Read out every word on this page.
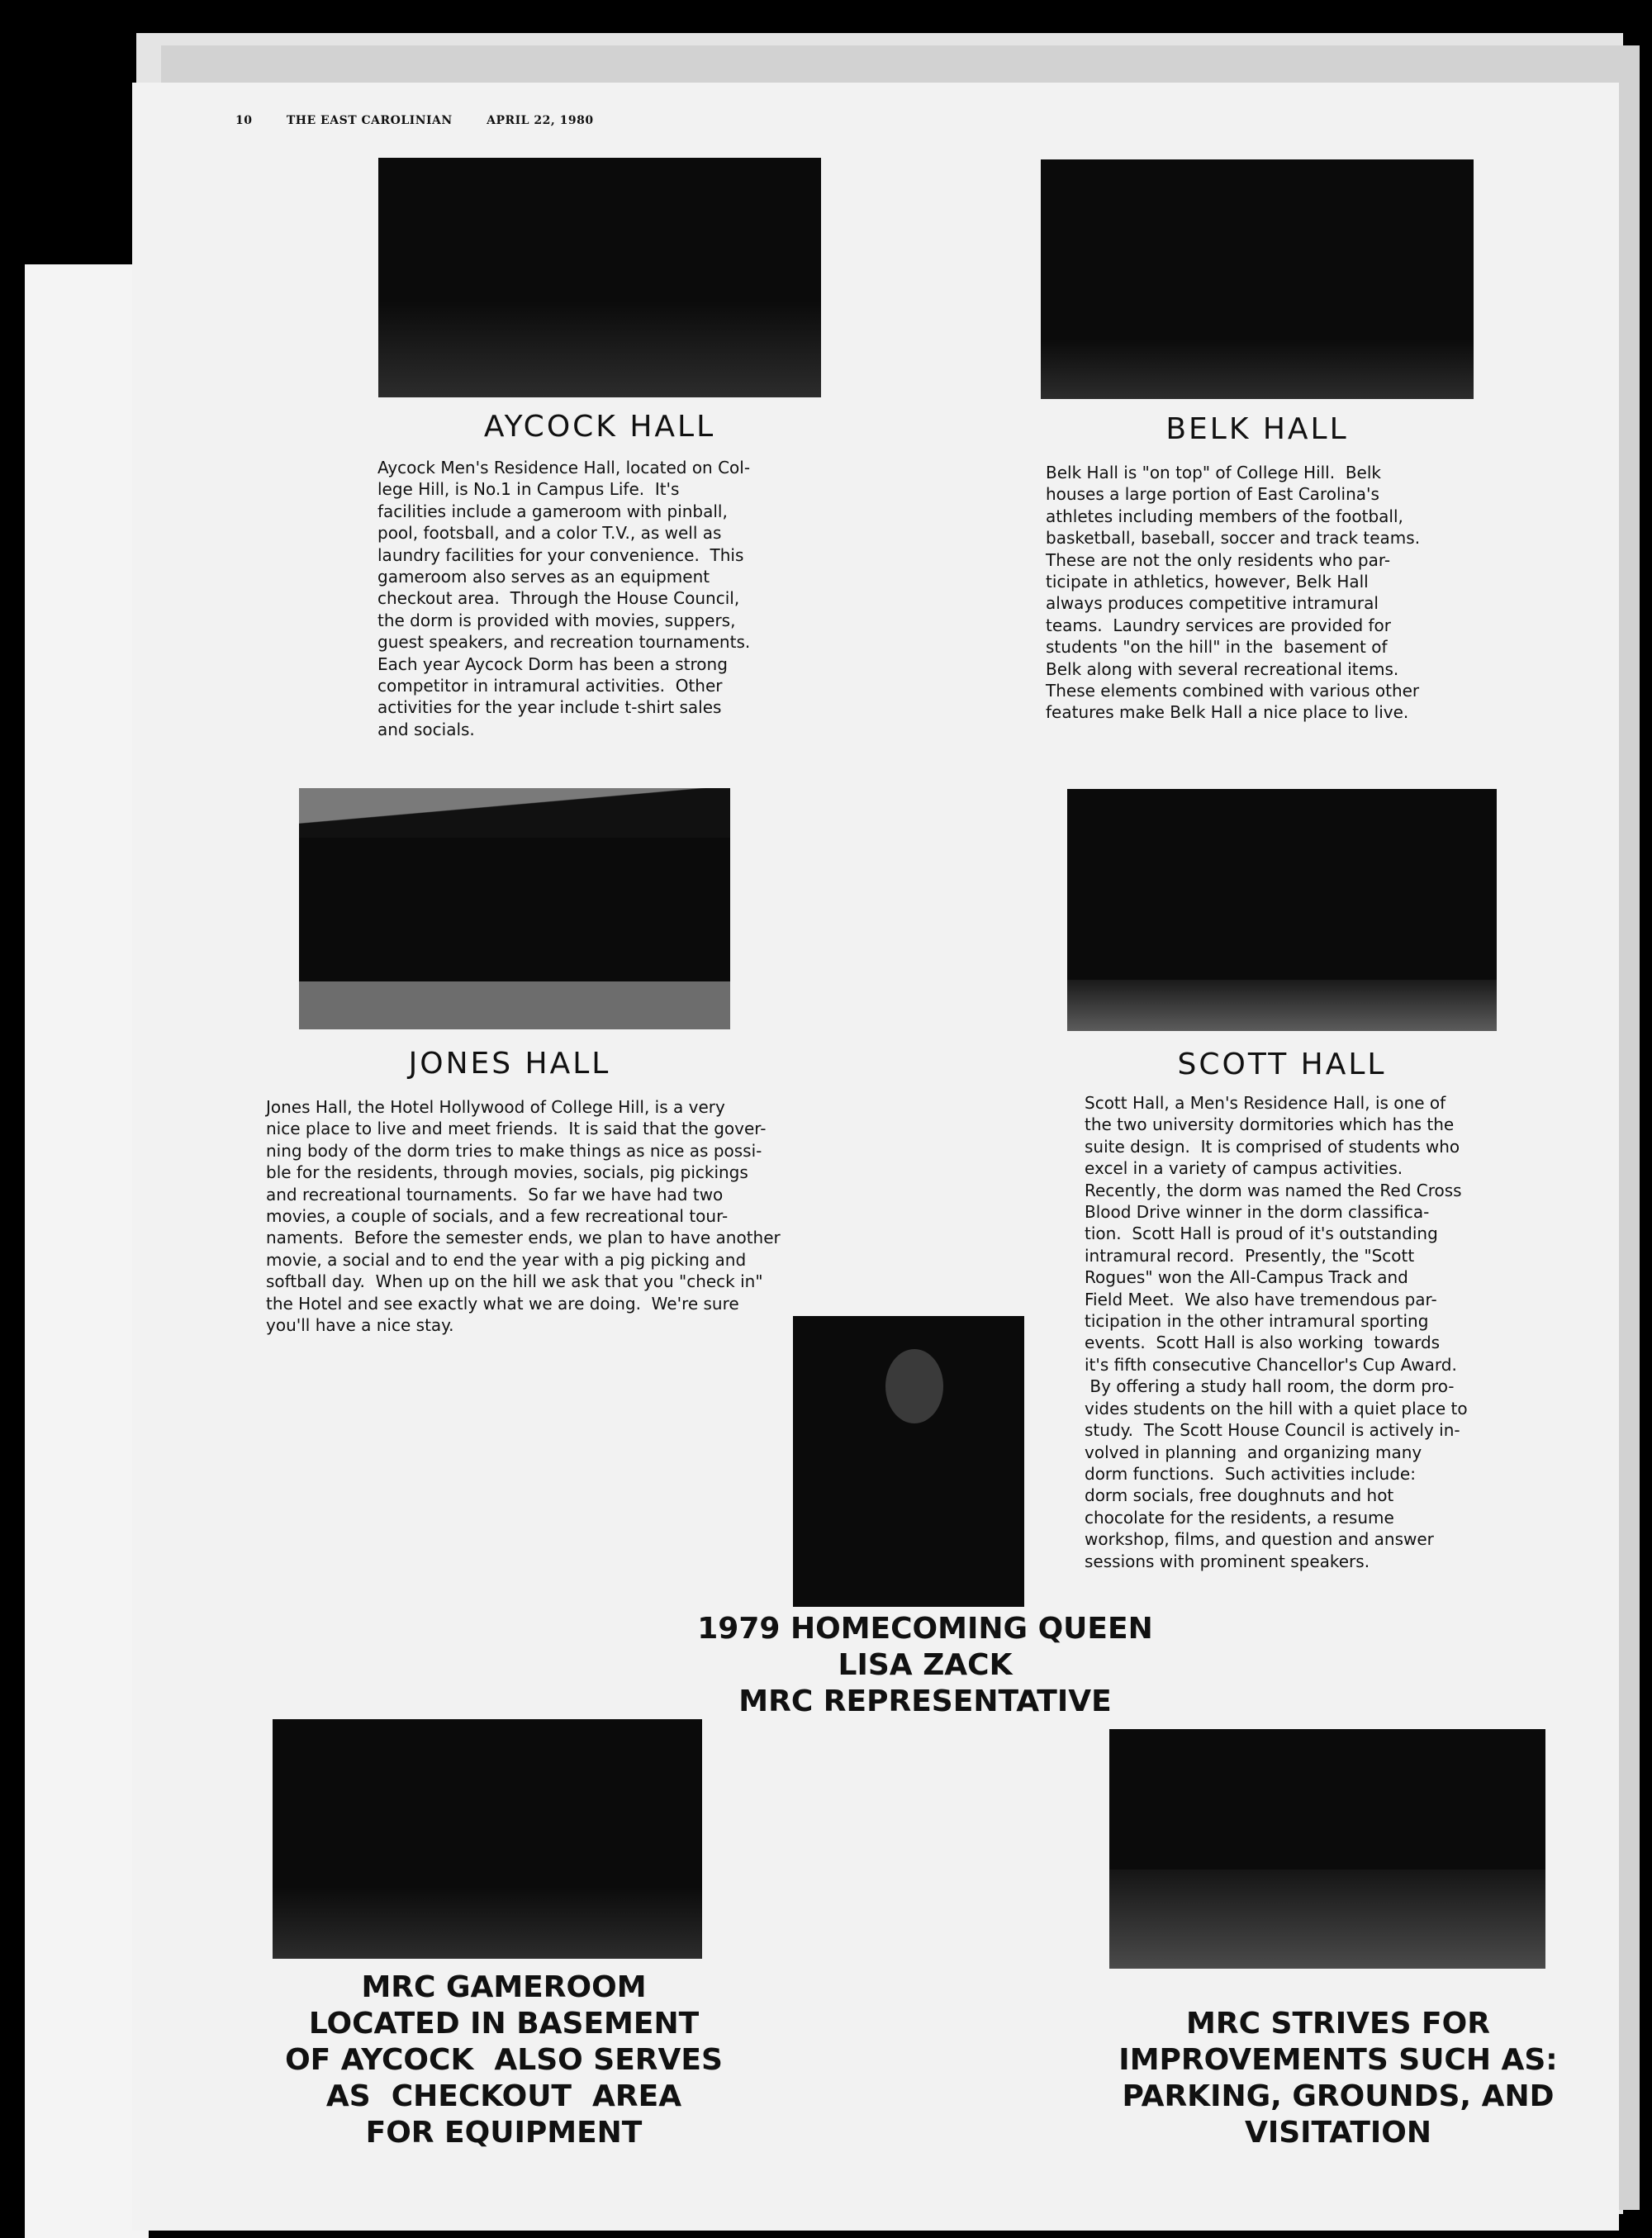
10	THE EAST CAROLINIAN	APRIL 22, 1980
AYCOCK HALL
Aycock Men's Residence Hall, located on Col-
lege Hill, is No.1 in Campus Life.  It's
facilities include a gameroom with pinball,
pool, footsball, and a color T.V., as well as
laundry facilities for your convenience.  This
gameroom also serves as an equipment
checkout area.  Through the House Council,
the dorm is provided with movies, suppers,
guest speakers, and recreation tournaments.
Each year Aycock Dorm has been a strong
competitor in intramural activities.  Other
activities for the year include t-shirt sales
and socials.
BELK HALL
Belk Hall is "on top" of College Hill.  Belk
houses a large portion of East Carolina's
athletes including members of the football,
basketball, baseball, soccer and track teams.
These are not the only residents who par-
ticipate in athletics, however, Belk Hall
always produces competitive intramural
teams.  Laundry services are provided for
students "on the hill" in the  basement of
Belk along with several recreational items.
These elements combined with various other
features make Belk Hall a nice place to live.
JONES HALL
Jones Hall, the Hotel Hollywood of College Hill, is a very
nice place to live and meet friends.  It is said that the gover-
ning body of the dorm tries to make things as nice as possi-
ble for the residents, through movies, socials, pig pickings
and recreational tournaments.  So far we have had two
movies, a couple of socials, and a few recreational tour-
naments.  Before the semester ends, we plan to have another
movie, a social and to end the year with a pig picking and
softball day.  When up on the hill we ask that you "check in"
the Hotel and see exactly what we are doing.  We're sure
you'll have a nice stay.
SCOTT HALL
Scott Hall, a Men's Residence Hall, is one of
the two university dormitories which has the
suite design.  It is comprised of students who
excel in a variety of campus activities.
Recently, the dorm was named the Red Cross
Blood Drive winner in the dorm classifica-
tion.  Scott Hall is proud of it's outstanding
intramural record.  Presently, the "Scott
Rogues" won the All-Campus Track and
Field Meet.  We also have tremendous par-
ticipation in the other intramural sporting
events.  Scott Hall is also working  towards
it's fifth consecutive Chancellor's Cup Award.
By offering a study hall room, the dorm pro-
vides students on the hill with a quiet place to
study.  The Scott House Council is actively in-
volved in planning  and organizing many
dorm functions.  Such activities include:
dorm socials, free doughnuts and hot
chocolate for the residents, a resume
workshop, films, and question and answer
sessions with prominent speakers.
1979 HOMECOMING QUEEN
LISA ZACK
MRC REPRESENTATIVE
MRC GAMEROOM
LOCATED IN BASEMENT
OF AYCOCK  ALSO SERVES
AS  CHECKOUT  AREA
FOR EQUIPMENT
MRC STRIVES FOR
IMPROVEMENTS SUCH AS:
PARKING, GROUNDS, AND
VISITATION
